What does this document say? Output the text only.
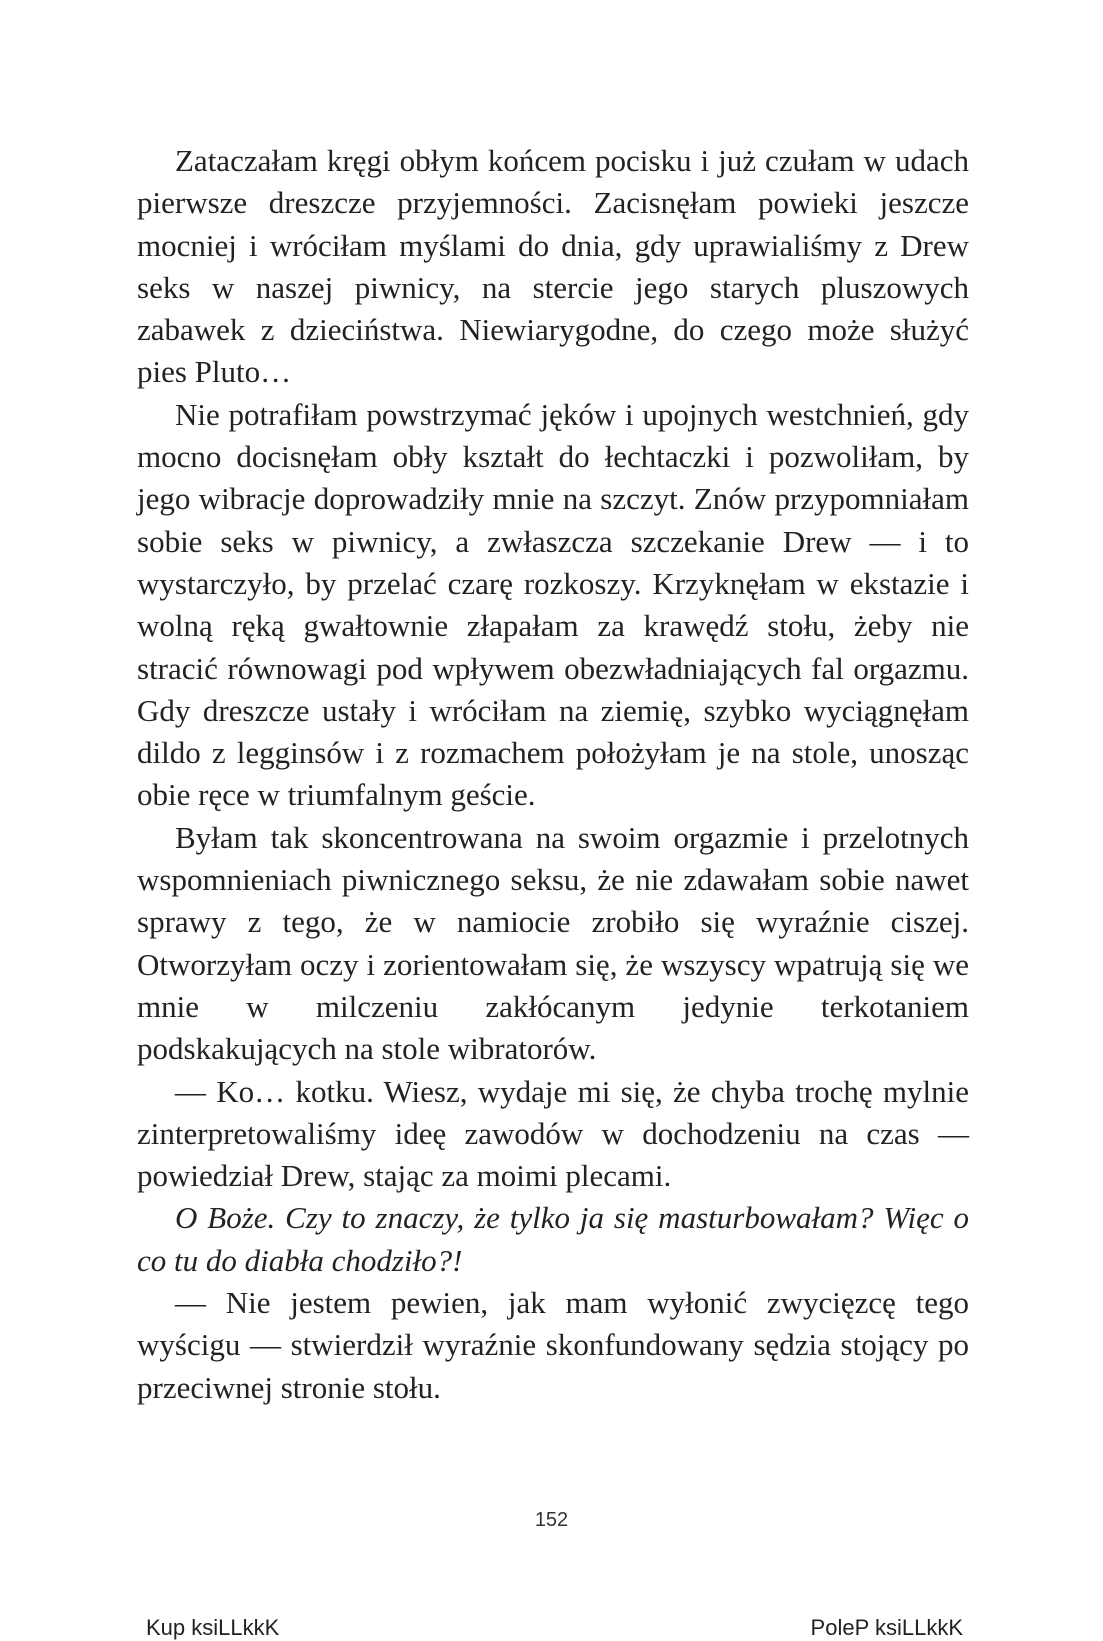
Zataczałam kręgi obłym końcem pocisku i już czułam w udach pierwsze dreszcze przyjemności. Zacisnęłam powieki jeszcze mocniej i wróciłam myślami do dnia, gdy uprawialiśmy z Drew seks w naszej piwnicy, na stercie jego starych pluszowych zabawek z dzieciństwa. Niewiarygodne, do czego może służyć pies Pluto…

Nie potrafiłam powstrzymać jęków i upojnych westchnień, gdy mocno docisnęłam obły kształt do łechtaczki i pozwoliłam, by jego wibracje doprowadziły mnie na szczyt. Znów przypomniałam sobie seks w piwnicy, a zwłaszcza szczekanie Drew — i to wystarczyło, by przelać czarę rozkoszy. Krzyknęłam w ekstazie i wolną ręką gwałtownie złapałam za krawędź stołu, żeby nie stracić równowagi pod wpływem obezwładniających fal orgazmu. Gdy dreszcze ustały i wróciłam na ziemię, szybko wyciągnęłam dildo z legginsów i z rozmachem położyłam je na stole, unosząc obie ręce w triumfalnym geście.

Byłam tak skoncentrowana na swoim orgazmie i przelotnych wspomnieniach piwnicznego seksu, że nie zdawałam sobie nawet sprawy z tego, że w namiocie zrobiło się wyraźnie ciszej. Otworzyłam oczy i zorientowałam się, że wszyscy wpatrują się we mnie w milczeniu zakłócanym jedynie terkotaniem podskakujących na stole wibratorów.

— Ko… kotku. Wiesz, wydaje mi się, że chyba trochę mylnie zinterpretowaliśmy ideę zawodów w dochodzeniu na czas — powiedział Drew, stając za moimi plecami.

O Boże. Czy to znaczy, że tylko ja się masturbowałam? Więc o co tu do diabła chodziło?!

— Nie jestem pewien, jak mam wyłonić zwycięzcę tego wyścigu — stwierdził wyraźnie skonfundowany sędzia stojący po przeciwnej stronie stołu.

152
Kup ksiLLkkK	PoleP ksiLLkkK
